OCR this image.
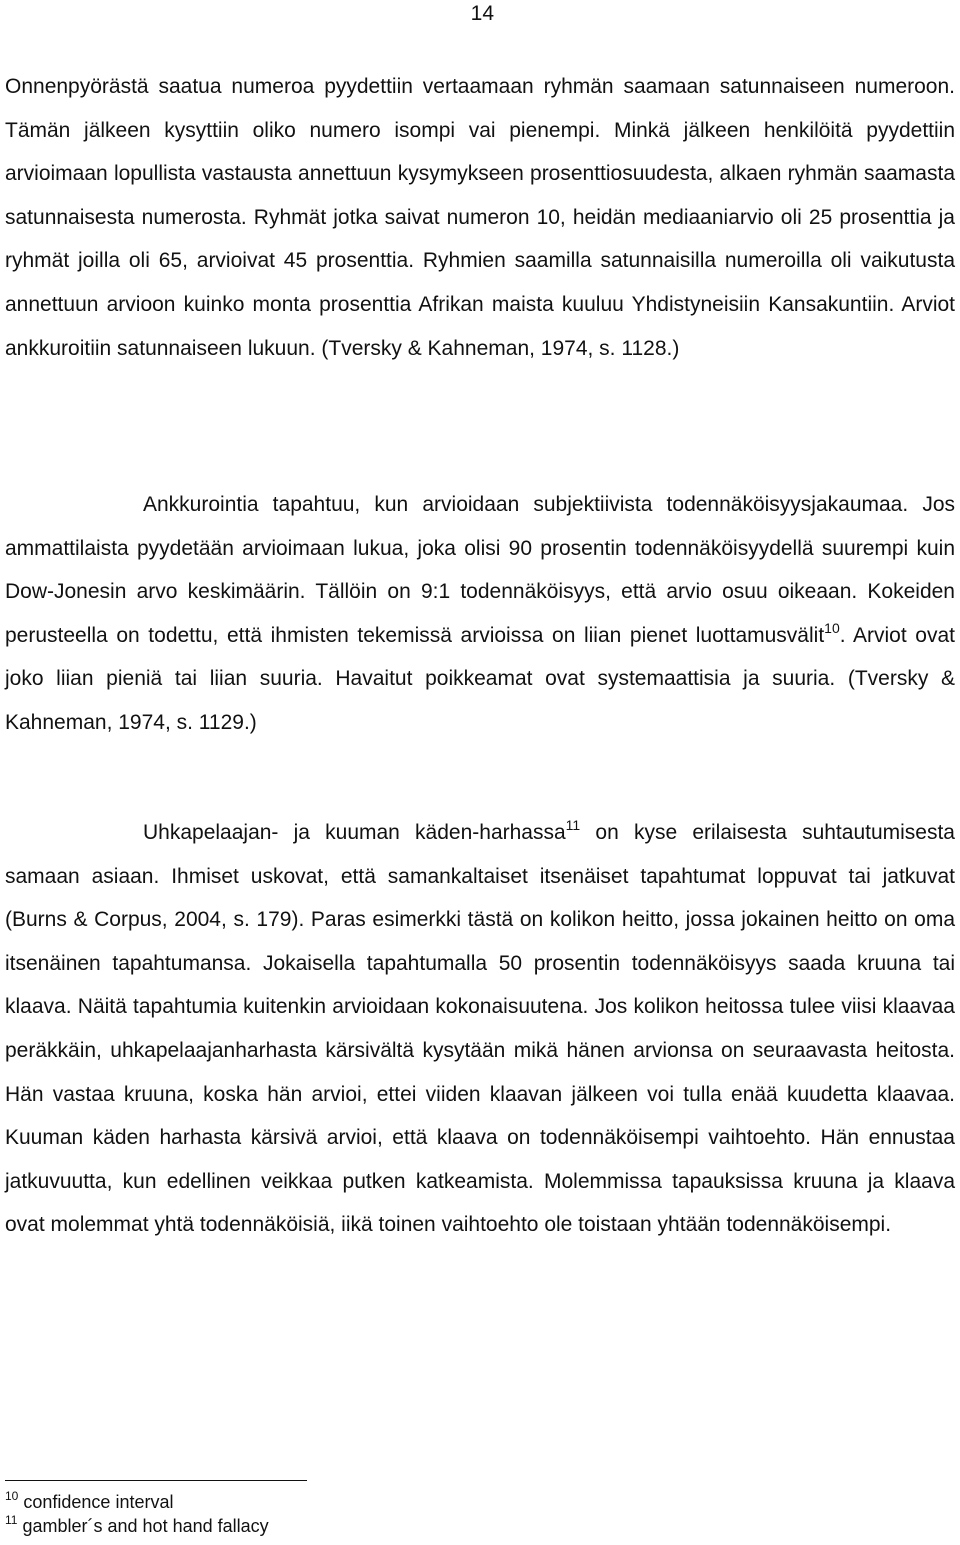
14

Onnenpyörästä saatua numeroa pyydettiin vertaamaan ryhmän saamaan satunnaiseen numeroon. Tämän jälkeen kysyttiin oliko numero isompi vai pienempi. Minkä jälkeen henkilöitä pyydettiin arvioimaan lopullista vastausta annettuun kysymykseen prosenttiosuudesta, alkaen ryhmän saamasta satunnaisesta numerosta. Ryhmät jotka saivat numeron 10, heidän mediaaniarvio oli 25 prosenttia ja ryhmät joilla oli 65, arvioivat 45 prosenttia. Ryhmien saamilla satunnaisilla numeroilla oli vaikutusta annettuun arvioon kuinko monta prosenttia Afrikan maista kuuluu Yhdistyneisiin Kansakuntiin. Arviot ankkuroitiin satunnaiseen lukuun. (Tversky & Kahneman, 1974, s. 1128.)

Ankkurointia tapahtuu, kun arvioidaan subjektiivista todennäköisyysjakaumaa. Jos ammattilaista pyydetään arvioimaan lukua, joka olisi 90 prosentin todennäköisyydellä suurempi kuin Dow-Jonesin arvo keskimäärin. Tällöin on 9:1 todennäköisyys, että arvio osuu oikeaan. Kokeiden perusteella on todettu, että ihmisten tekemissä arvioissa on liian pienet luottamusvälit$^{10}$. Arviot ovat joko liian pieniä tai liian suuria. Havaitut poikkeamat ovat systemaattisia ja suuria. (Tversky & Kahneman, 1974, s. 1129.)

Uhkapelaajan- ja kuuman käden-harhassa$^{11}$ on kyse erilaisesta suhtautumisesta samaan asiaan. Ihmiset uskovat, että samankaltaiset itsenäiset tapahtumat loppuvat tai jatkuvat (Burns & Corpus, 2004, s. 179). Paras esimerkki tästä on kolikon heitto, jossa jokainen heitto on oma itsenäinen tapahtumansa. Jokaisella tapahtumalla 50 prosentin todennäköisyys saada kruuna tai klaava. Näitä tapahtumia kuitenkin arvioidaan kokonaisuutena. Jos kolikon heitossa tulee viisi klaavaa peräkkäin, uhkapelaajanharhasta kärsivältä kysytään mikä hänen arvionsa on seuraavasta heitosta. Hän vastaa kruuna, koska hän arvioi, ettei viiden klaavan jälkeen voi tulla enää kuudetta klaavaa. Kuuman käden harhasta kärsivä arvioi, että klaava on todennäköisempi vaihtoehto. Hän ennustaa jatkuvuutta, kun edellinen veikkaa putken katkeamista. Molemmissa tapauksissa kruuna ja klaava ovat molemmat yhtä todennäköisiä, iikä toinen vaihtoehto ole toistaan yhtään todennäköisempi.

$^{10}$ confidence interval
$^{11}$ gambler´s and hot hand fallacy
